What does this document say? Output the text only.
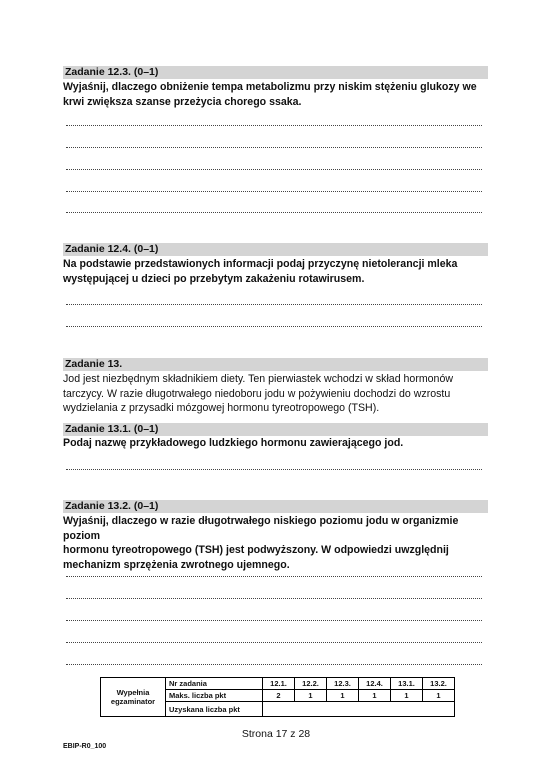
Zadanie 12.3. (0–1)
Wyjaśnij, dlaczego obniżenie tempa metabolizmu przy niskim stężeniu glukozy we
krwi zwiększa szanse przeżycia chorego ssaka.
Zadanie 12.4. (0–1)
Na podstawie przedstawionych informacji podaj przyczynę nietolerancji mleka
występującej u dzieci po przebytym zakażeniu rotawirusem.
Zadanie 13.
Jod jest niezbędnym składnikiem diety. Ten pierwiastek wchodzi w skład hormonów
tarczycy. W razie długotrwałego niedoboru jodu w pożywieniu dochodzi do wzrostu
wydzielania z przysadki mózgowej hormonu tyreotropowego (TSH).
Zadanie 13.1. (0–1)
Podaj nazwę przykładowego ludzkiego hormonu zawierającego jod.
Zadanie 13.2. (0–1)
Wyjaśnij, dlaczego w razie długotrwałego niskiego poziomu jodu w organizmie poziom
hormonu tyreotropowego (TSH) jest podwyższony. W odpowiedzi uwzględnij
mechanizm sprzężenia zwrotnego ujemnego.
Wypełnia
egzaminator	Nr zadania	12.1.	12.2.	12.3.	12.4.	13.1.	13.2.
	Maks. liczba pkt	2	1	1	1	1	1
	Uzyskana liczba pkt						
Strona 17 z 28
EBIP-R0_100
